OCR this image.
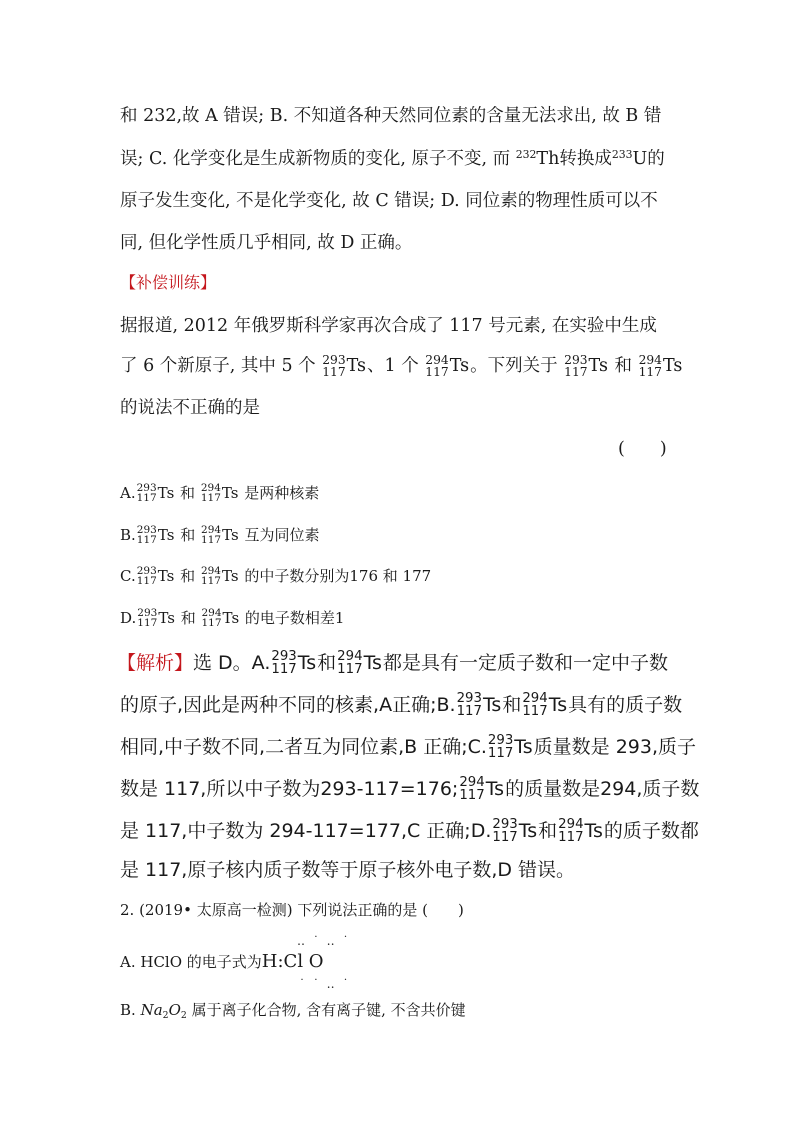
和 232,故 A 错误; B. 不知道各种天然同位素的含量无法求出, 故 B 错
误; C. 化学变化是生成新物质的变化, 原子不变, 而 $^{232}$Th转换成$^{233}$U的
原子发生变化, 不是化学变化, 故 C 错误; D. 同位素的物理性质可以不
同, 但化学性质几乎相同, 故 D 正确。
【补偿训练】
据报道, 2012 年俄罗斯科学家再次合成了 117 号元素, 在实验中生成
了 6 个新原子, 其中 5 个 293
117 Ts 、1 个 294
117 Ts 。下列关于 293
117 Ts 和 294
117 Ts
的说法不正确的是
(　　)
A. 293
117 Ts 和 294
117 Ts 是两种核素
B. 293
117 Ts 和 294
117 Ts 互为同位素
C. 293
117 Ts 和 294
117 Ts 的中子数分别为176 和 177
D. 293
117 Ts 和 294
117 Ts 的电子数相差1
【解析】选 D。A. 293
117 Ts 和 294
117 Ts 都是具有一定质子数和一定中子数
的原子,因此是两种不同的核素,A正确;B. 293
117 Ts 和 294
117 Ts 具有的质子数
相同,中子数不同,二者互为同位素,B 正确;C. 293
117 Ts 质量数是 293,质子
数是 117,所以中子数为293-117=176; 294
117 Ts 的质量数是294,质子数
是 117,中子数为 294-117=177,C 正确;D. 293
117 Ts 和 294
117 Ts 的质子数都
是 117,原子核内质子数等于原子核外电子数,D 错误。
2. (2019• 太原高一检测) 下列说法正确的是 (　　)
‥ ˙ ‥ ˙
A. HClO 的电子式为H:Cl O
˙ ˙ ‥ ˙
B. Na2O2 属于离子化合物, 含有离子键, 不含共价键
